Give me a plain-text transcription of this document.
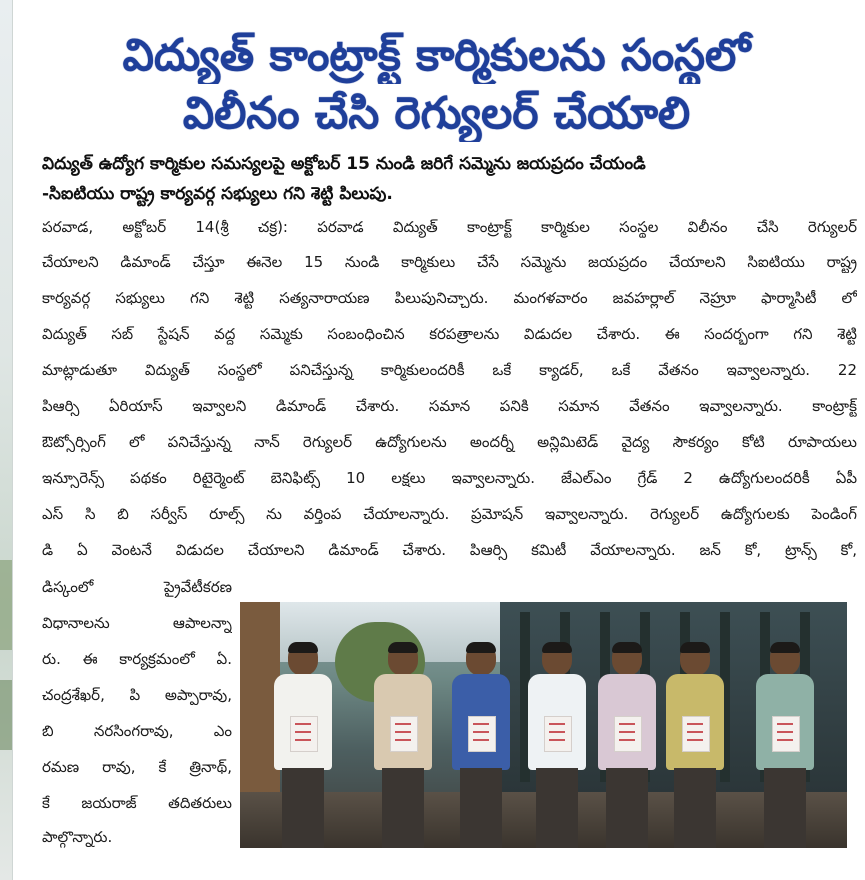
విద్యుత్ కాంట్రాక్ట్ కార్మికులను సంస్థలో
విలీనం చేసి రెగ్యులర్ చేయాలి
విద్యుత్ ఉద్యోగ కార్మికుల సమస్యలపై అక్టోబర్ 15 నుండి జరిగే సమ్మెను జయప్రదం చేయండి
-సిఐటియు రాష్ట్ర కార్యవర్గ సభ్యులు గని శెట్టి పిలుపు.
పరవాడ, అక్టోబర్ 14(శ్రీ చక్ర): పరవాడ విద్యుత్ కాంట్రాక్ట్ కార్మికుల సంస్థల విలీనం చేసి రెగ్యులర్
చేయాలని డిమాండ్ చేస్తూ ఈనెల 15 నుండి కార్మికులు చేసే సమ్మెను జయప్రదం చేయాలని సిఐటియు రాష్ట్ర
కార్యవర్గ సభ్యులు గని శెట్టి సత్యనారాయణ పిలుపునిచ్చారు. మంగళవారం జవహర్లాల్ నెహ్రూ ఫార్మాసిటీ లో
విద్యుత్ సబ్ స్టేషన్ వద్ద సమ్మెకు సంబంధించిన కరపత్రాలను విడుదల చేశారు. ఈ సందర్భంగా గని శెట్టి
మాట్లాడుతూ విద్యుత్ సంస్థలో పనిచేస్తున్న కార్మికులందరికీ ఒకే క్యాడర్, ఒకే వేతనం ఇవ్వాలన్నారు. 22
పిఆర్సి ఏరియాస్ ఇవ్వాలని డిమాండ్ చేశారు. సమాన పనికి సమాన వేతనం ఇవ్వాలన్నారు. కాంట్రాక్ట్
ఔట్సోర్సింగ్ లో పనిచేస్తున్న నాన్ రెగ్యులర్ ఉద్యోగులను అందర్నీ అన్లిమిటెడ్ వైద్య సౌకర్యం కోటి రూపాయలు
ఇన్సూరెన్స్ పథకం రిటైర్మెంట్ బెనిఫిట్స్ 10 లక్షలు ఇవ్వాలన్నారు. జేఎల్ఎం గ్రేడ్ 2 ఉద్యోగులందరికీ ఏపీ
ఎస్ సి బి సర్వీస్ రూల్స్ ను వర్తింప చేయాలన్నారు. ప్రమోషన్ ఇవ్వాలన్నారు. రెగ్యులర్ ఉద్యోగులకు పెండింగ్
డి ఏ వెంటనే విడుదల చేయాలని డిమాండ్ చేశారు. పిఆర్సి కమిటీ వేయాలన్నారు. జన్ కో, ట్రాన్స్ కో,
డిస్కంలో ప్రైవేటీకరణ
విధానాలను ఆపాలన్నా
రు. ఈ కార్యక్రమంలో ఏ.
చంద్రశేఖర్, పి అప్పారావు,
బి నరసింగరావు, ఎం
రమణ రావు, కే త్రినాథ్,
కే జయరాజ్ తదితరులు
పాల్గొన్నారు.
